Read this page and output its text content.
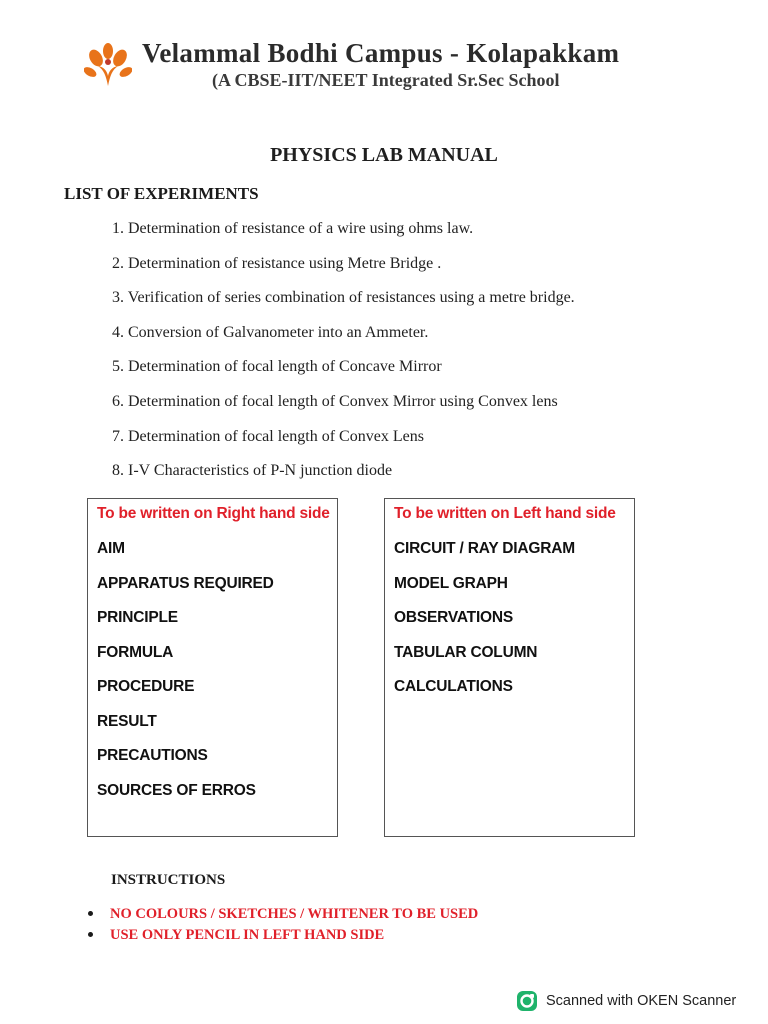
Velammal Bodhi Campus - Kolapakkam
(A CBSE-IIT/NEET Integrated Sr.Sec School
PHYSICS LAB MANUAL
LIST OF EXPERIMENTS
1. Determination of resistance of a wire using ohms law.
2. Determination of resistance using Metre Bridge .
3. Verification of series combination of resistances using a metre bridge.
4. Conversion of Galvanometer into an Ammeter.
5. Determination of focal length of Concave Mirror
6. Determination of focal length of Convex Mirror using Convex lens
7. Determination of focal length of Convex Lens
8. I-V Characteristics of P-N junction diode
To be written on Right hand side
AIM
APPARATUS REQUIRED
PRINCIPLE
FORMULA
PROCEDURE
RESULT
PRECAUTIONS
SOURCES OF ERROS
To be written on Left hand side
CIRCUIT / RAY DIAGRAM
MODEL GRAPH
OBSERVATIONS
TABULAR COLUMN
CALCULATIONS
INSTRUCTIONS
NO COLOURS / SKETCHES / WHITENER TO BE USED
USE ONLY PENCIL IN LEFT HAND SIDE
Scanned with OKEN Scanner
